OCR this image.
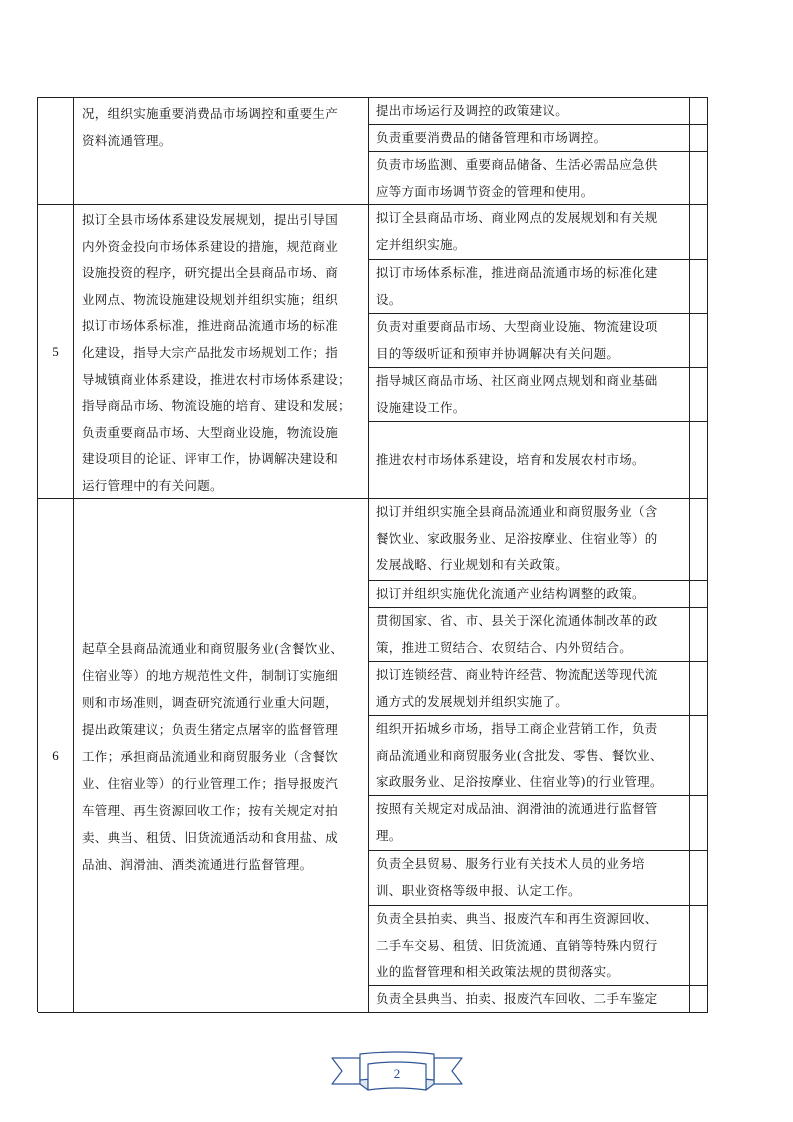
况，组织实施重要消费品市场调控和重要生产
资料流通管理。
提出市场运行及调控的政策建议。
负责重要消费品的储备管理和市场调控。
负责市场监测、重要商品储备、生活必需品应急供
应等方面市场调节资金的管理和使用。
5
拟订全县市场体系建设发展规划，提出引导国
内外资金投向市场体系建设的措施，规范商业
设施投资的程序，研究提出全县商品市场、商
业网点、物流设施建设规划并组织实施；组织
拟订市场体系标准，推进商品流通市场的标准
化建设，指导大宗产品批发市场规划工作；指
导城镇商业体系建设，推进农村市场体系建设；
指导商品市场、物流设施的培育、建设和发展；
负责重要商品市场、大型商业设施，物流设施
建设项目的论证、评审工作，协调解决建设和
运行管理中的有关问题。
拟订全县商品市场、商业网点的发展规划和有关规
定并组织实施。
拟订市场体系标准，推进商品流通市场的标准化建
设。
负责对重要商品市场、大型商业设施、物流建设项
目的等级听证和预审并协调解决有关问题。
指导城区商品市场、社区商业网点规划和商业基础
设施建设工作。
推进农村市场体系建设，培育和发展农村市场。
6
起草全县商品流通业和商贸服务业(含餐饮业、
住宿业等）的地方规范性文件，制制订实施细
则和市场准则，调查研究流通行业重大问题，
提出政策建议；负责生猪定点屠宰的监督管理
工作；承担商品流通业和商贸服务业（含餐饮
业、住宿业等）的行业管理工作；指导报废汽
车管理、再生资源回收工作；按有关规定对拍
卖、典当、租赁、旧货流通活动和食用盐、成
品油、润滑油、酒类流通进行监督管理。
拟订并组织实施全县商品流通业和商贸服务业（含
餐饮业、家政服务业、足浴按摩业、住宿业等）的
发展战略、行业规划和有关政策。
拟订并组织实施优化流通产业结构调整的政策。
贯彻国家、省、市、县关于深化流通体制改革的政
策，推进工贸结合、农贸结合、内外贸结合。
拟订连锁经营、商业特许经营、物流配送等现代流
通方式的发展规划并组织实施了。
组织开拓城乡市场，指导工商企业营销工作，负责
商品流通业和商贸服务业(含批发、零售、餐饮业、
家政服务业、足浴按摩业、住宿业等)的行业管理。
按照有关规定对成品油、润滑油的流通进行监督管
理。
负责全县贸易、服务行业有关技术人员的业务培
训、职业资格等级申报、认定工作。
负责全县拍卖、典当、报废汽车和再生资源回收、
二手车交易、租赁、旧货流通、直销等特殊内贸行
业的监督管理和相关政策法规的贯彻落实。
负责全县典当、拍卖、报废汽车回收、二手车鉴定
2
